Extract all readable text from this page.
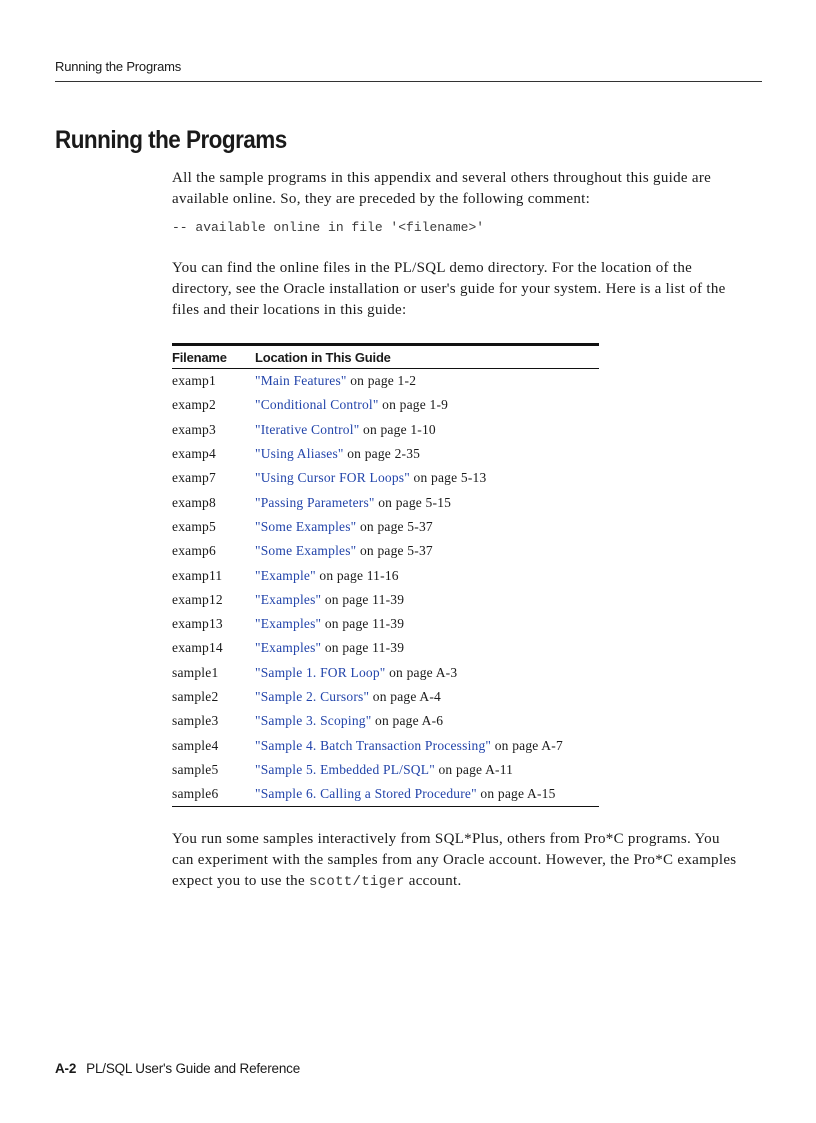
Running the Programs
Running the Programs

All the sample programs in this appendix and several others throughout this guide are available online. So, they are preceded by the following comment:

-- available online in file '<filename>'

You can find the online files in the PL/SQL demo directory. For the location of the directory, see the Oracle installation or user's guide for your system. Here is a list of the files and their locations in this guide:

Filename	Location in This Guide
examp1	"Main Features" on page 1-2
examp2	"Conditional Control" on page 1-9
examp3	"Iterative Control" on page 1-10
examp4	"Using Aliases" on page 2-35
examp7	"Using Cursor FOR Loops" on page 5-13
examp8	"Passing Parameters" on page 5-15
examp5	"Some Examples" on page 5-37
examp6	"Some Examples" on page 5-37
examp11	"Example" on page 11-16
examp12	"Examples" on page 11-39
examp13	"Examples" on page 11-39
examp14	"Examples" on page 11-39
sample1	"Sample 1. FOR Loop" on page A-3
sample2	"Sample 2. Cursors" on page A-4
sample3	"Sample 3. Scoping" on page A-6
sample4	"Sample 4. Batch Transaction Processing" on page A-7
sample5	"Sample 5. Embedded PL/SQL" on page A-11
sample6	"Sample 6. Calling a Stored Procedure" on page A-15

You run some samples interactively from SQL*Plus, others from Pro*C programs. You can experiment with the samples from any Oracle account. However, the Pro*C examples expect you to use the scott/tiger account.

A-2 PL/SQL User's Guide and Reference
